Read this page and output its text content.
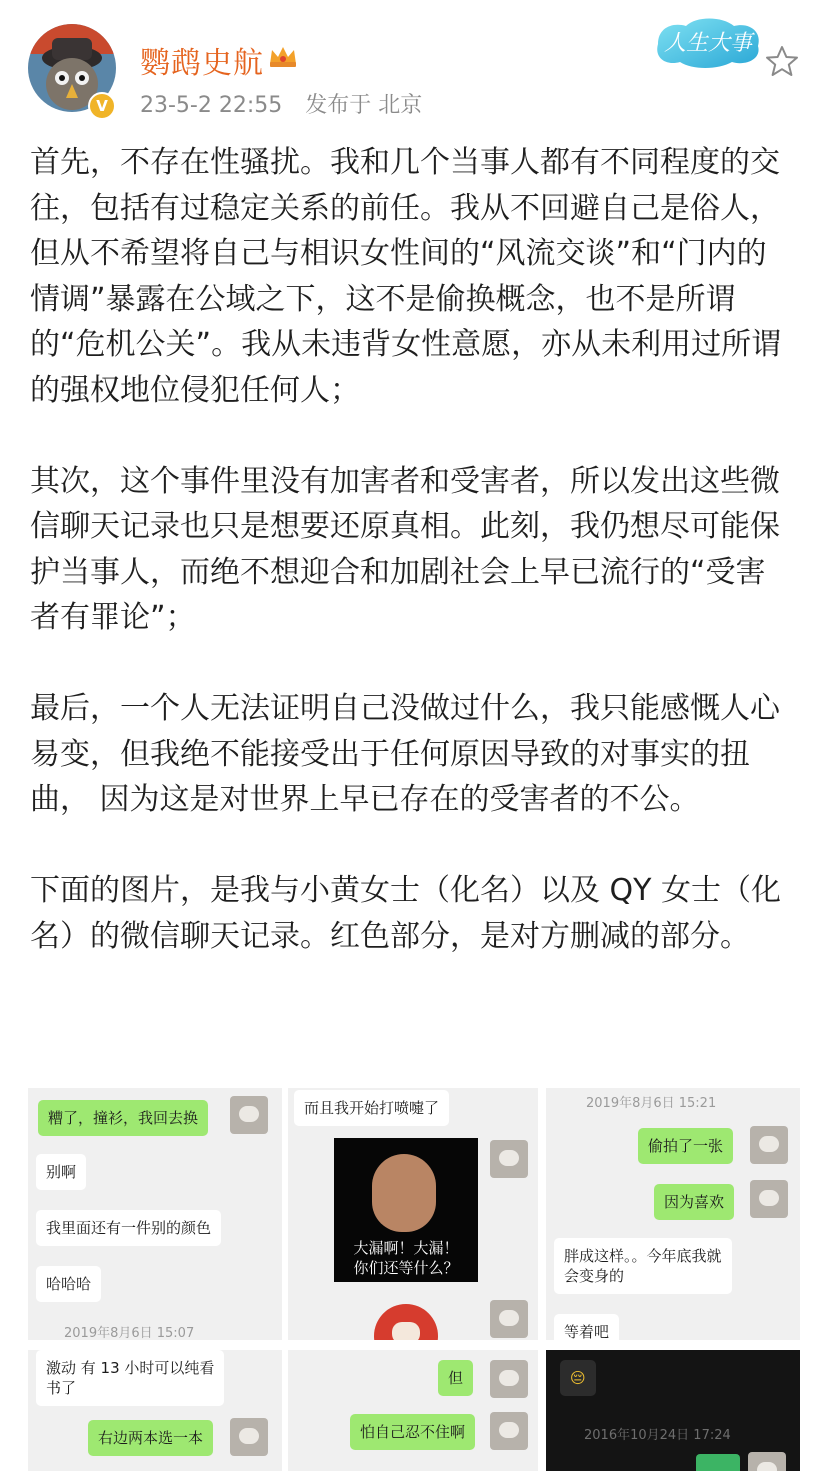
V
鹦鹉史航
23-5-2 22:55 发布于 北京
人生大事

首先，不存在性骚扰。我和几个当事人都有不同程度的交往，包括有过稳定关系的前任。我从不回避自己是俗人，但从不希望将自己与相识女性间的“风流交谈”和“门内的情调”暴露在公域之下，这不是偷换概念，也不是所谓的“危机公关”。我从未违背女性意愿，亦从未利用过所谓的强权地位侵犯任何人；

其次，这个事件里没有加害者和受害者，所以发出这些微信聊天记录也只是想要还原真相。此刻，我仍想尽可能保护当事人，而绝不想迎合和加剧社会上早已流行的“受害者有罪论”；

最后，一个人无法证明自己没做过什么，我只能感慨人心易变，但我绝不能接受出于任何原因导致的对事实的扭曲， 因为这是对世界上早已存在的受害者的不公。

下面的图片，是我与小黄女士（化名）以及 QY 女士（化名）的微信聊天记录。红色部分，是对方删减的部分。

糟了，撞衫，我回去换
别啊
我里面还有一件别的颜色
哈哈哈
2019年8月6日 15:07
而且我开始打喷嚏了
大漏啊！大漏！
你们还等什么？
2019年8月6日 15:21
偷拍了一张
因为喜欢
胖成这样。。今年底我就
会变身的
等着吧
激动 有 13 小时可以纯看
书了
右边两本选一本
但
怕自己忍不住啊
😔
2016年10月24日 17:24
